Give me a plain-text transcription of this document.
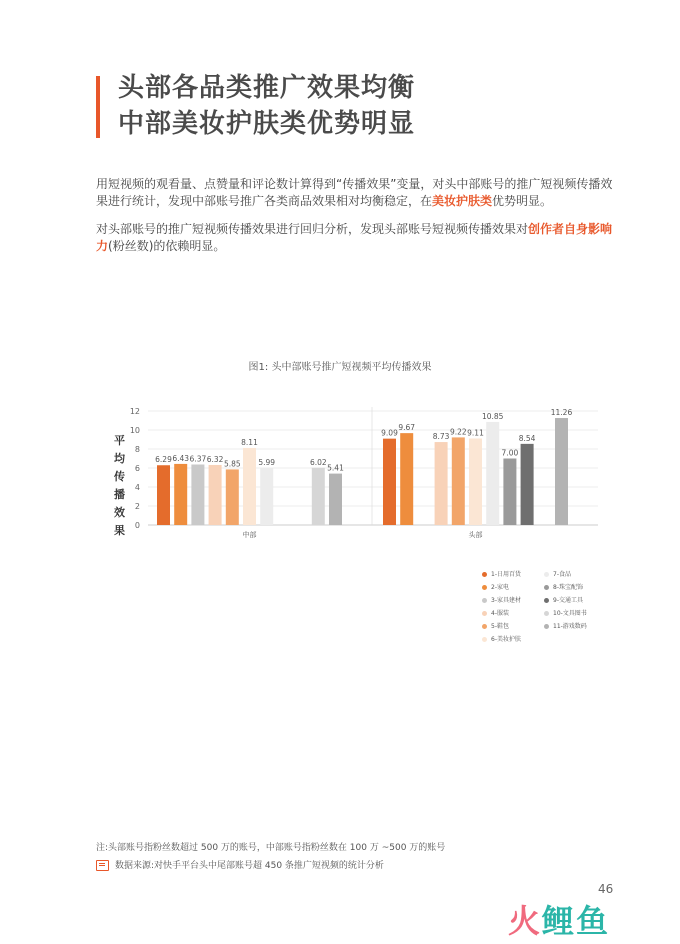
头部各品类推广效果均衡
中部美妆护肤类优势明显
用短视频的观看量、点赞量和评论数计算得到“传播效果”变量，对头中部账号的推广短视频传播效果进行统计，发现中部账号推广各类商品效果相对均衡稳定，在美妆护肤类优势明显。
对头部账号的推广短视频传播效果进行回归分析，发现头部账号短视频传播效果对创作者自身影响力(粉丝数)的依赖明显。
图1: 头中部账号推广短视频平均传播效果
平均传播效果	0
2
4
6
8
10
12
6.29 6.43 6.37 6.32 5.85
8.11
5.99	6.02
5.41
中部
9.09
9.67
8.73
9.22 9.11
10.85
7.00
8.54
11.26
头部
1-日用百货
2-家电
3-家具建材
4-服装
5-鞋包
6-美妆护肤
7-食品
8-珠宝配饰
9-交通工具
10-文具图书
11-游戏数码
注:头部账号指粉丝数超过 500 万的账号，中部账号指粉丝数在 100 万 ~500 万的账号
数据来源:对快手平台头中尾部账号超 450 条推广短视频的统计分析
46
火鲤鱼
